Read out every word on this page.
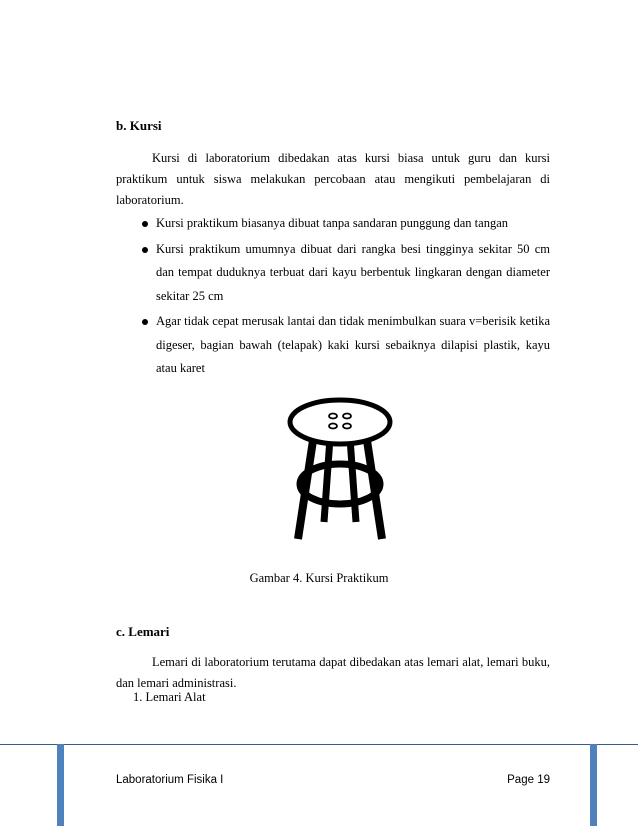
b. Kursi

Kursi di laboratorium dibedakan atas kursi biasa untuk guru dan kursi praktikum untuk siswa melakukan percobaan atau mengikuti pembelajaran di laboratorium.

Kursi praktikum biasanya dibuat tanpa sandaran punggung dan tangan
Kursi praktikum umumnya dibuat dari rangka besi tingginya sekitar 50 cm dan tempat duduknya terbuat dari kayu berbentuk lingkaran dengan diameter sekitar 25 cm
Agar tidak cepat merusak lantai dan tidak menimbulkan suara v=berisik ketika digeser, bagian bawah (telapak) kaki kursi sebaiknya dilapisi plastik, kayu atau karet
Gambar 4. Kursi Praktikum
c. Lemari

Lemari di laboratorium terutama dapat dibedakan atas lemari alat, lemari buku, dan lemari administrasi.

1. Lemari Alat
Laboratorium Fisika I	Page 19
